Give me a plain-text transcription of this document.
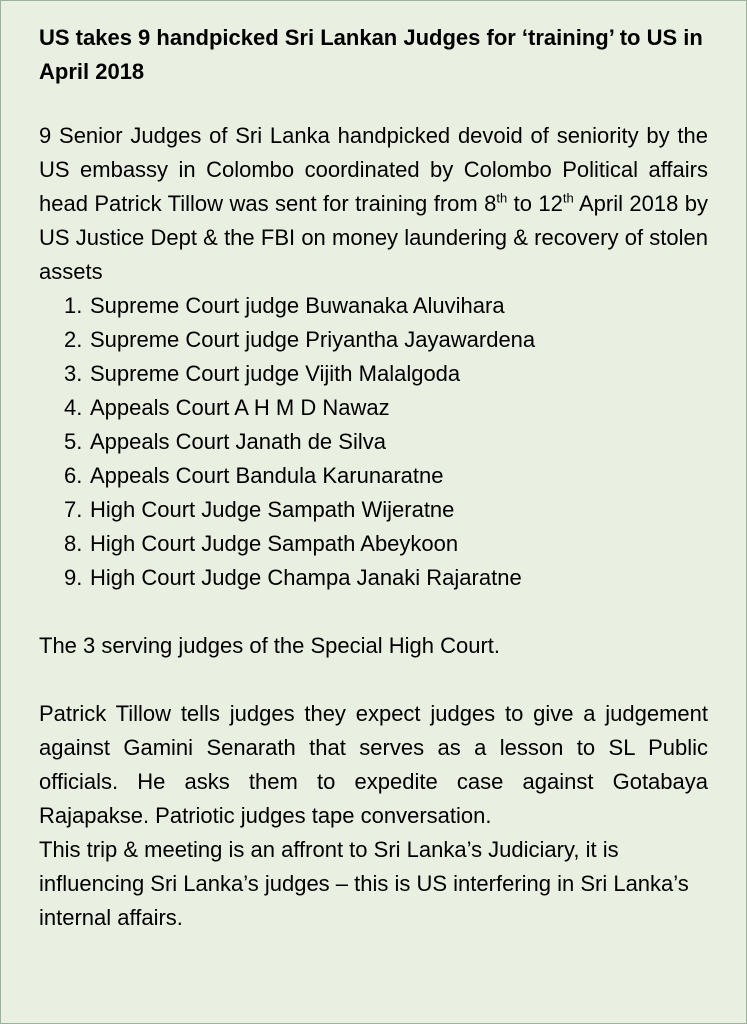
US takes 9 handpicked Sri Lankan Judges for ‘training’ to US in April 2018

9 Senior Judges of Sri Lanka handpicked devoid of seniority by the US embassy in Colombo coordinated by Colombo Political affairs head Patrick Tillow was sent for training from 8th to 12th April 2018 by US Justice Dept & the FBI on money laundering & recovery of stolen assets

1. Supreme Court judge Buwanaka Aluvihara
2. Supreme Court judge Priyantha Jayawardena
3. Supreme Court judge Vijith Malalgoda
4. Appeals Court A H M D Nawaz
5. Appeals Court Janath de Silva
6. Appeals Court Bandula Karunaratne
7. High Court Judge Sampath Wijeratne
8. High Court Judge Sampath Abeykoon
9. High Court Judge Champa Janaki Rajaratne

The 3 serving judges of the Special High Court.

Patrick Tillow tells judges they expect judges to give a judgement against Gamini Senarath that serves as a lesson to SL Public officials. He asks them to expedite case against Gotabaya Rajapakse. Patriotic judges tape conversation.

This trip & meeting is an affront to Sri Lanka’s Judiciary, it is influencing Sri Lanka’s judges – this is US interfering in Sri Lanka’s internal affairs.
